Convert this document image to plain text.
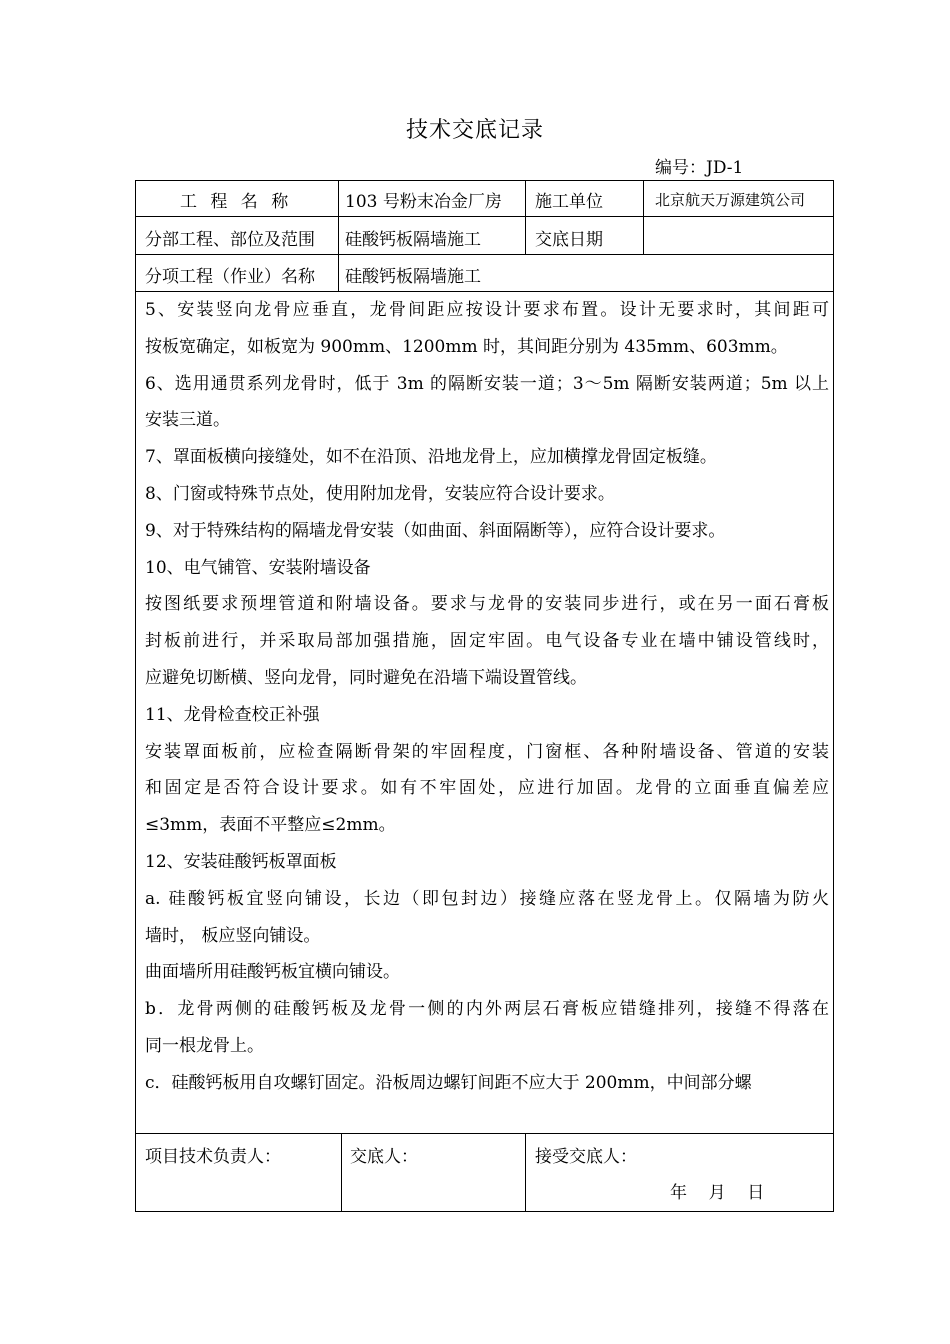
技术交底记录
编号：JD-1
工 程 名 称	103 号粉末冶金厂房 施工单位	北京航天万源建筑公司
分部工程、部位及范围 硅酸钙板隔墙施工	交底日期
分项工程（作业）名称 硅酸钙板隔墙施工

5、安装竖向龙骨应垂直，龙骨间距应按设计要求布置。设计无要求时，其间距可

按板宽确定，如板宽为 900mm、1200mm 时，其间距分别为 435mm、603mm。

6、选用通贯系列龙骨时，低于 3m 的隔断安装一道；3～5m 隔断安装两道；5m 以上

安装三道。

7、罩面板横向接缝处，如不在沿顶、沿地龙骨上，应加横撑龙骨固定板缝。

8、门窗或特殊节点处，使用附加龙骨，安装应符合设计要求。

9、对于特殊结构的隔墙龙骨安装（如曲面、斜面隔断等），应符合设计要求。

10、电气铺管、安装附墙设备

按图纸要求预埋管道和附墙设备。要求与龙骨的安装同步进行，或在另一面石膏板

封板前进行，并采取局部加强措施，固定牢固。电气设备专业在墙中铺设管线时，

应避免切断横、竖向龙骨，同时避免在沿墙下端设置管线。

11、龙骨检查校正补强

安装罩面板前，应检查隔断骨架的牢固程度，门窗框、各种附墙设备、管道的安装

和固定是否符合设计要求。如有不牢固处，应进行加固。龙骨的立面垂直偏差应

≤3mm，表面不平整应≤2mm。

12、安装硅酸钙板罩面板

a. 硅酸钙板宜竖向铺设，长边（即包封边）接缝应落在竖龙骨上。仅隔墙为防火

墙时， 板应竖向铺设。

曲面墙所用硅酸钙板宜横向铺设。

b．龙骨两侧的硅酸钙板及龙骨一侧的内外两层石膏板应错缝排列，接缝不得落在

同一根龙骨上。

c．硅酸钙板用自攻螺钉固定。沿板周边螺钉间距不应大于 200mm，中间部分螺

项目技术负责人：	交底人：	接受交底人：
年    月    日
